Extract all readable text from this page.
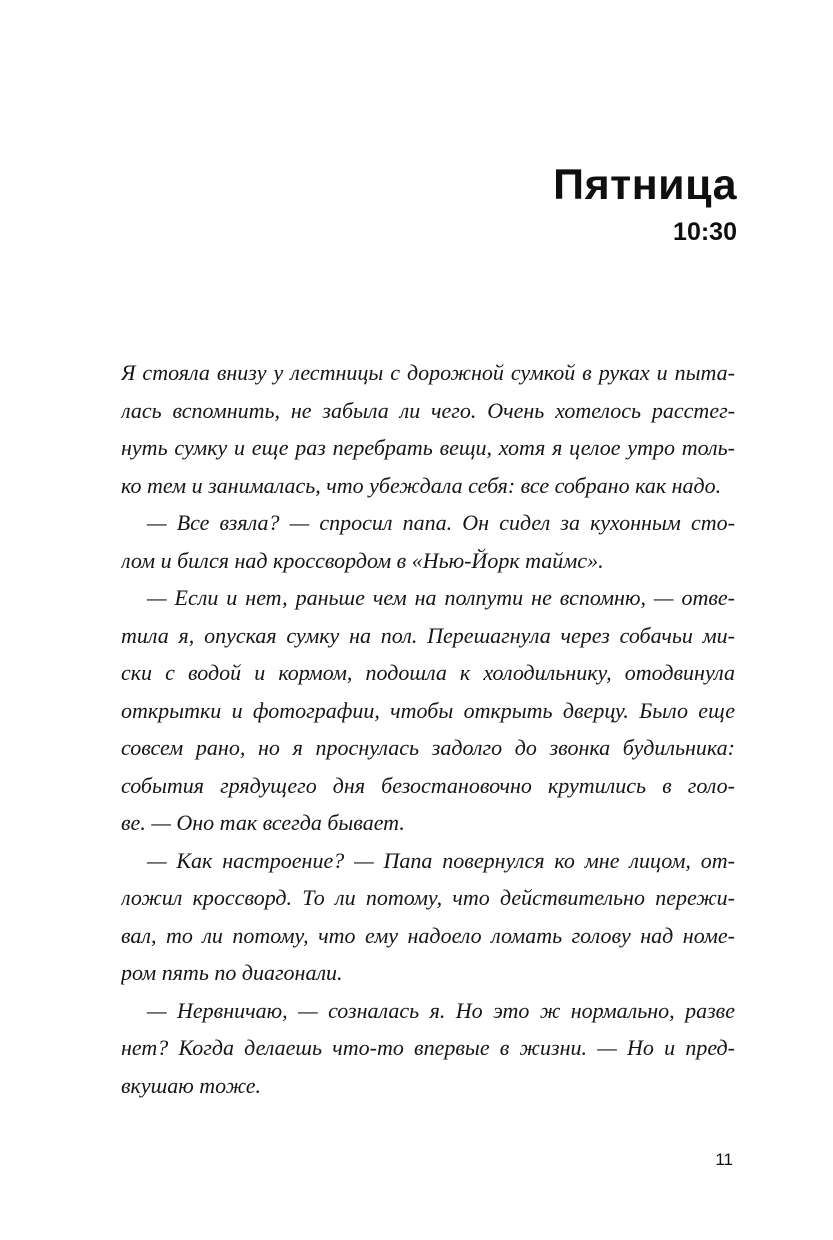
Пятница
10:30
Я стояла внизу у лестницы с дорожной сумкой в руках и пыта-
лась вспомнить, не забыла ли чего. Очень хотелось расстег-
нуть сумку и еще раз перебрать вещи, хотя я целое утро толь-
ко тем и занималась, что убеждала себя: все собрано как надо.
— Все взяла? — спросил папа. Он сидел за кухонным сто-
лом и бился над кроссвордом в «Нью-Йорк таймс».
— Если и нет, раньше чем на полпути не вспомню, — отве-
тила я, опуская сумку на пол. Перешагнула через собачьи ми-
ски с водой и кормом, подошла к холодильнику, отодвинула
открытки и фотографии, чтобы открыть дверцу. Было еще
совсем рано, но я проснулась задолго до звонка будильника:
события грядущего дня безостановочно крутились в голо-
ве. — Оно так всегда бывает.
— Как настроение? — Папа повернулся ко мне лицом, от-
ложил кроссворд. То ли потому, что действительно пережи-
вал, то ли потому, что ему надоело ломать голову над номе-
ром пять по диагонали.
— Нервничаю, — созналась я. Но это ж нормально, разве
нет? Когда делаешь что-то впервые в жизни. — Но и пред-
вкушаю тоже.
11
